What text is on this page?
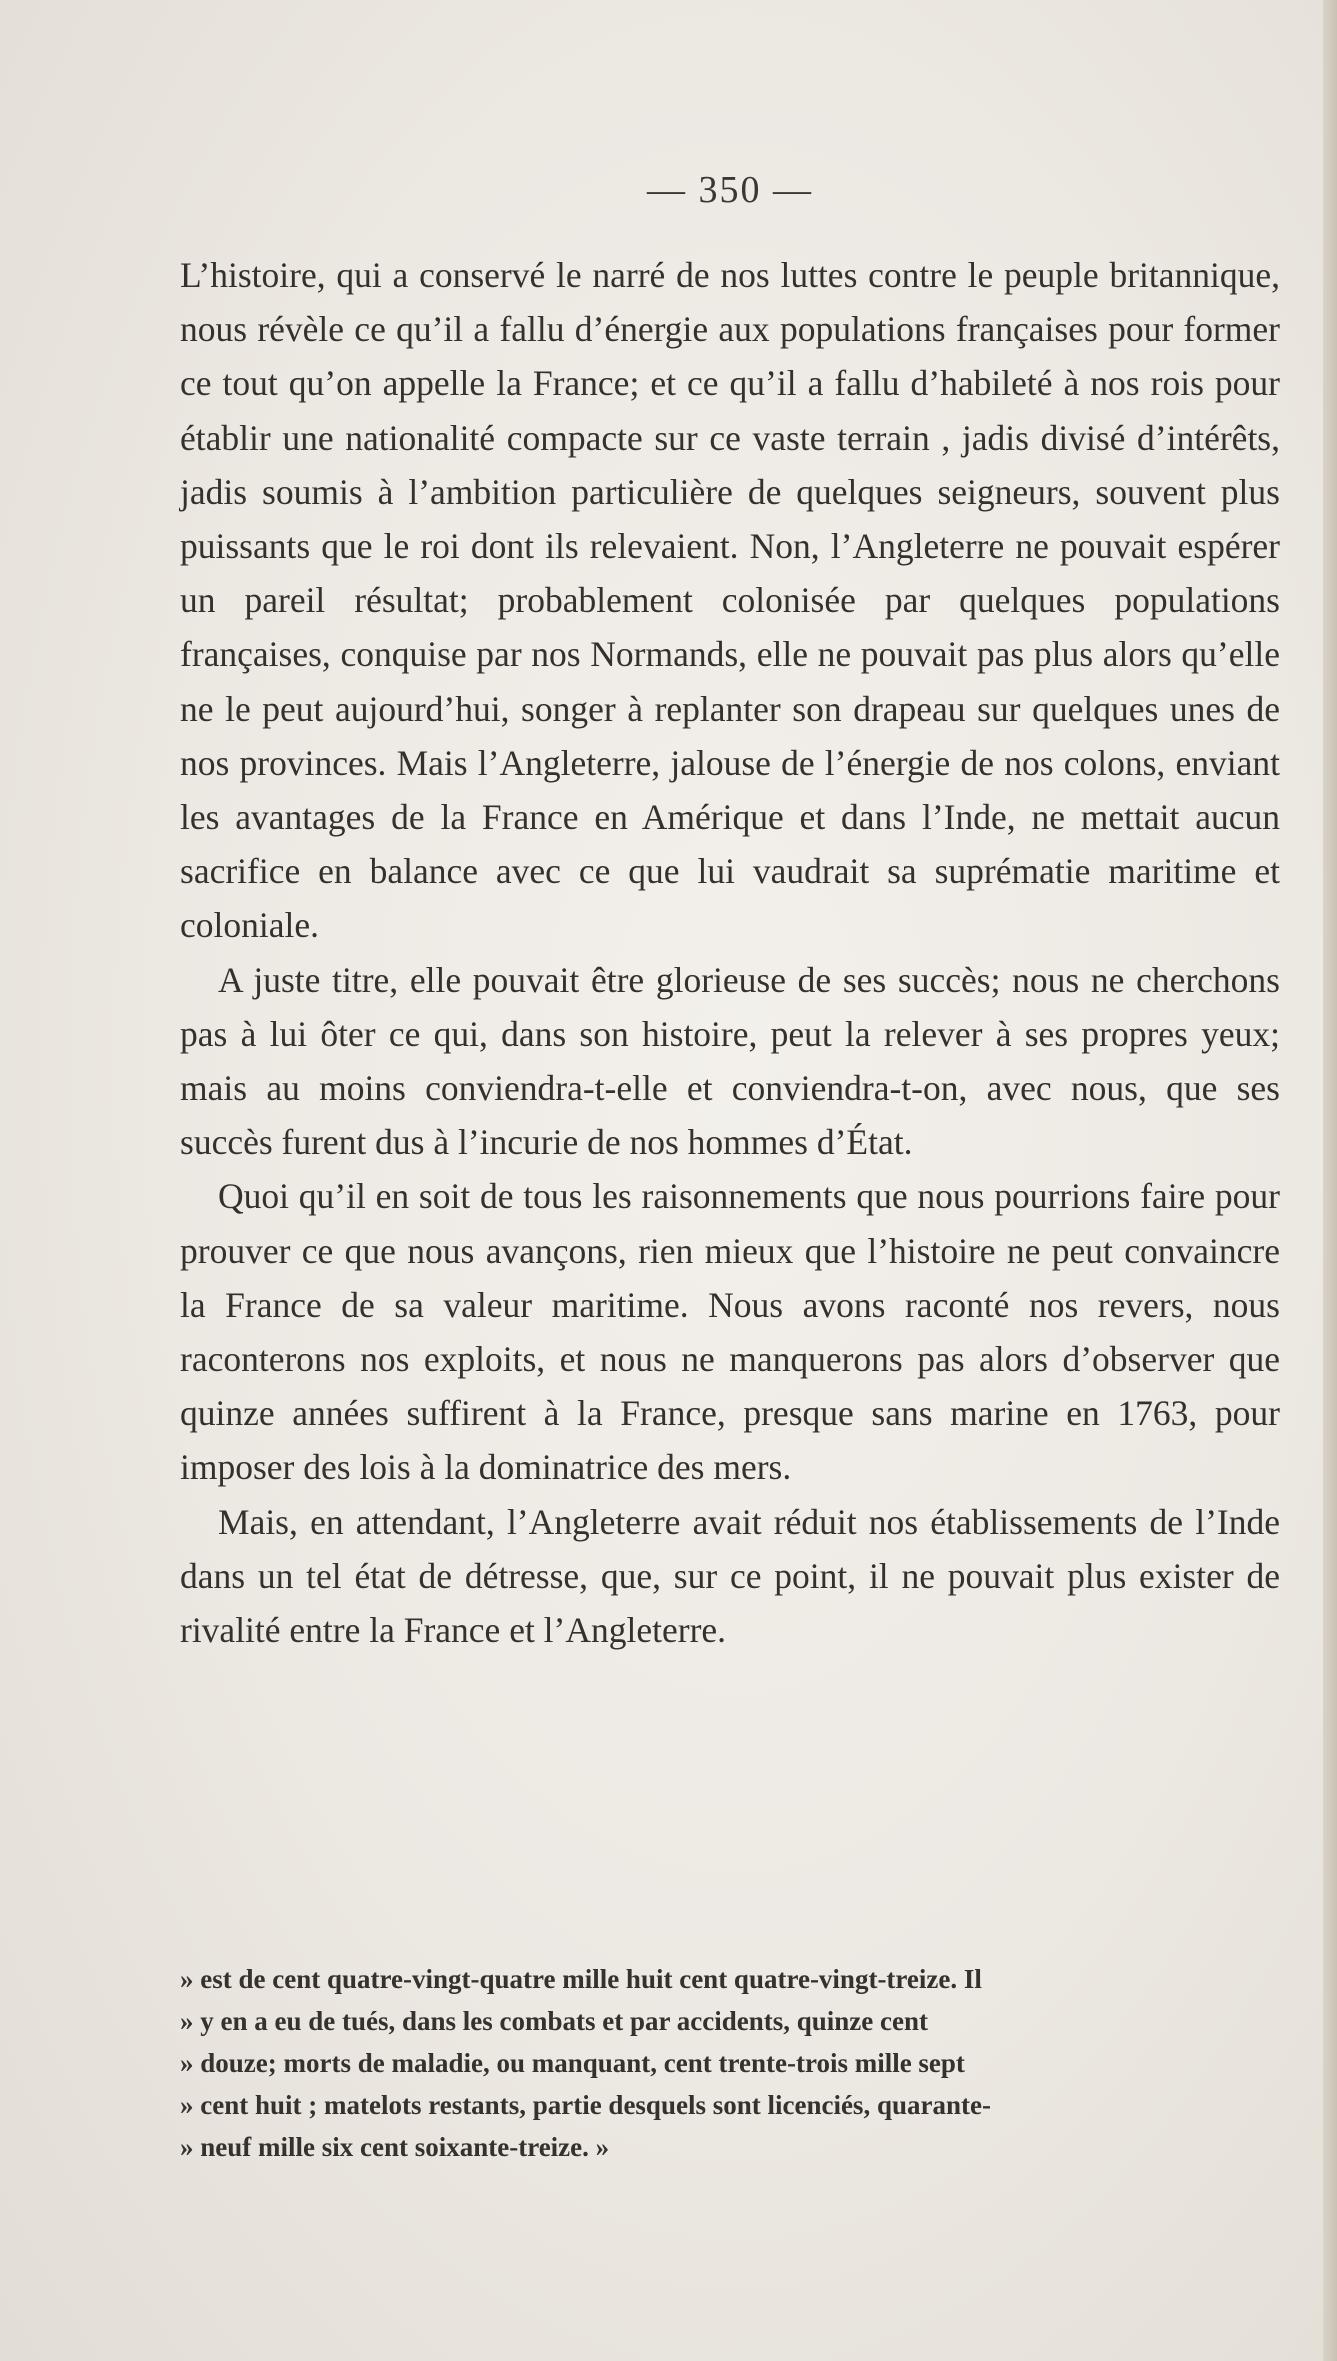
— 350 —

L’histoire, qui a conservé le narré de nos luttes contre le peuple britannique, nous révèle ce qu’il a fallu d’énergie aux populations françaises pour former ce tout qu’on appelle la France; et ce qu’il a fallu d’habileté à nos rois pour établir une nationalité compacte sur ce vaste terrain , jadis divisé d’intérêts, jadis soumis à l’ambition particulière de quelques seigneurs, souvent plus puissants que le roi dont ils relevaient. Non, l’Angleterre ne pouvait espérer un pareil résultat; probablement colonisée par quelques populations françaises, conquise par nos Normands, elle ne pouvait pas plus alors qu’elle ne le peut aujourd’hui, songer à replanter son drapeau sur quelques unes de nos provinces. Mais l’Angleterre, jalouse de l’énergie de nos colons, enviant les avantages de la France en Amérique et dans l’Inde, ne mettait aucun sacrifice en balance avec ce que lui vaudrait sa suprématie maritime et coloniale.

A juste titre, elle pouvait être glorieuse de ses succès; nous ne cherchons pas à lui ôter ce qui, dans son histoire, peut la relever à ses propres yeux; mais au moins conviendra-t-elle et conviendra-t-on, avec nous, que ses succès furent dus à l’incurie de nos hommes d’État.

Quoi qu’il en soit de tous les raisonnements que nous pourrions faire pour prouver ce que nous avançons, rien mieux que l’histoire ne peut convaincre la France de sa valeur maritime. Nous avons raconté nos revers, nous raconterons nos exploits, et nous ne manquerons pas alors d’observer que quinze années suffirent à la France, presque sans marine en 1763, pour imposer des lois à la dominatrice des mers.

Mais, en attendant, l’Angleterre avait réduit nos établissements de l’Inde dans un tel état de détresse, que, sur ce point, il ne pouvait plus exister de rivalité entre la France et l’Angleterre.

» est de cent quatre-vingt-quatre mille huit cent quatre-vingt-treize. Il
» y en a eu de tués, dans les combats et par accidents, quinze cent
» douze; morts de maladie, ou manquant, cent trente-trois mille sept
» cent huit ; matelots restants, partie desquels sont licenciés, quarante-
» neuf mille six cent soixante-treize. »
